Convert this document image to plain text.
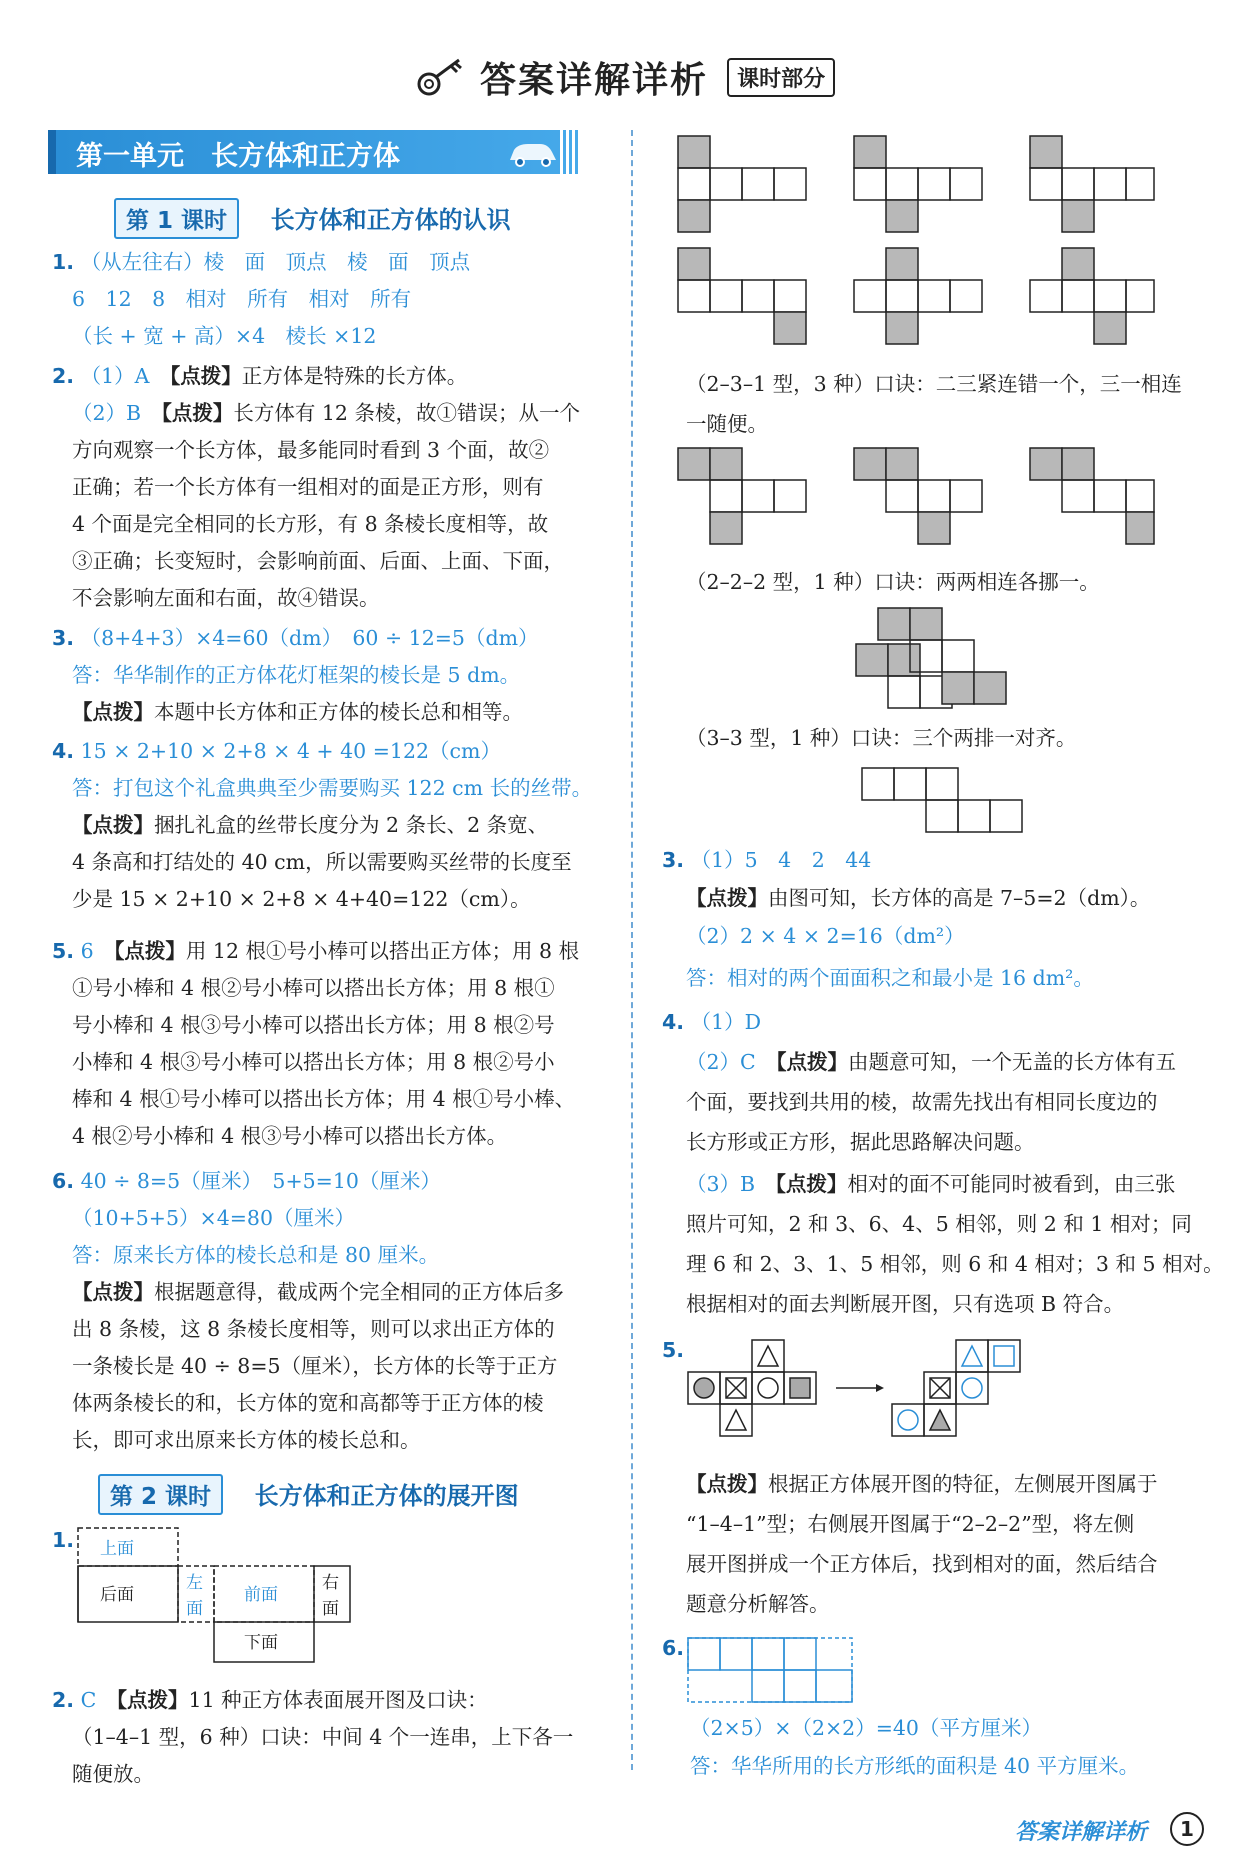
答案详解详析 课时部分
第一单元　长方体和正方体
第 1 课时 长方体和正方体的认识
1. （从左往右）棱　面　顶点　棱　面　顶点
6　12　8　相对　所有　相对　所有
（长 + 宽 + 高）×4　棱长 ×12
2. （1）A　 【点拨】正方体是特殊的长方体。
（2）B　 【点拨】长方体有 12 条棱，故①错误；从一个
方向观察一个长方体，最多能同时看到 3 个面，故②
正确；若一个长方体有一组相对的面是正方形，则有
4 个面是完全相同的长方形，有 8 条棱长度相等，故
③正确；长变短时，会影响前面、后面、上面、下面，
不会影响左面和右面，故④错误。
3. （8+4+3）×4=60（dm）　60 ÷ 12=5（dm）
答：华华制作的正方体花灯框架的棱长是 5 dm。
【点拨】本题中长方体和正方体的棱长总和相等。
4. 15 × 2+10 × 2+8 × 4 + 40 =122（cm）
答：打包这个礼盒典典至少需要购买 122 cm 长的丝带。
【点拨】捆扎礼盒的丝带长度分为 2 条长、2 条宽、
4 条高和打结处的 40 cm，所以需要购买丝带的长度至
少是 15 × 2+10 × 2+8 × 4+40=122（cm）。
5. 6　 【点拨】用 12 根①号小棒可以搭出正方体；用 8 根
①号小棒和 4 根②号小棒可以搭出长方体；用 8 根①
号小棒和 4 根③号小棒可以搭出长方体；用 8 根②号
小棒和 4 根③号小棒可以搭出长方体；用 8 根②号小
棒和 4 根①号小棒可以搭出长方体；用 4 根①号小棒、
4 根②号小棒和 4 根③号小棒可以搭出长方体。
6. 40 ÷ 8=5（厘米）　5+5=10（厘米）
（10+5+5）×4=80（厘米）
答：原来长方体的棱长总和是 80 厘米。
【点拨】根据题意得，截成两个完全相同的正方体后多
出 8 条棱，这 8 条棱长度相等，则可以求出正方体的
一条棱长是 40 ÷ 8=5（厘米），长方体的长等于正方
体两条棱长的和，长方体的宽和高都等于正方体的棱
长，即可求出原来长方体的棱长总和。
第 2 课时 长方体和正方体的展开图
1. 上面
后面
左
面
前面
右
面
下面
2. C　 【点拨】11 种正方体表面展开图及口诀：
（1–4–1 型，6 种）口诀：中间 4 个一连串，上下各一
随便放。
（2–3–1 型，3 种）口诀：二三紧连错一个，三一相连
一随便。
（2–2–2 型，1 种）口诀：两两相连各挪一。
（3–3 型，1 种）口诀：三个两排一对齐。
3. （1）5　4　2　44
【点拨】由图可知，长方体的高是 7–5=2（dm）。
（2）2 × 4 × 2=16（dm²）
答：相对的两个面面积之和最小是 16 dm²。
4. （1）D
（2）C　 【点拨】由题意可知，一个无盖的长方体有五
个面，要找到共用的棱，故需先找出有相同长度边的
长方形或正方形，据此思路解决问题。
（3）B　 【点拨】相对的面不可能同时被看到，由三张
照片可知，2 和 3、6、4、5 相邻，则 2 和 1 相对；同
理 6 和 2、3、1、5 相邻，则 6 和 4 相对；3 和 5 相对。
根据相对的面去判断展开图，只有选项 B 符合。
5.
【点拨】根据正方体展开图的特征，左侧展开图属于
“1–4–1”型；右侧展开图属于“2–2–2”型，将左侧
展开图拼成一个正方体后，找到相对的面，然后结合
题意分析解答。
6.
（2×5）×（2×2）=40（平方厘米）
答：华华所用的长方形纸的面积是 40 平方厘米。
答案详解详析	1
